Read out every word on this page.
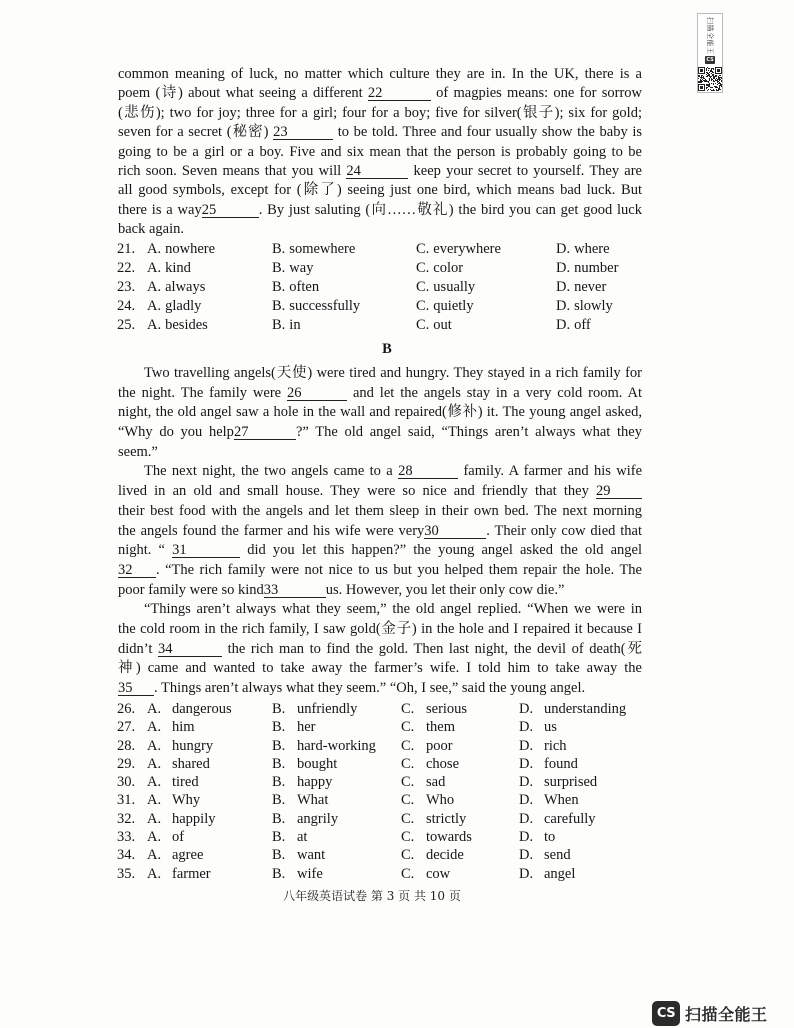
common meaning of luck, no matter which culture they are in. In the UK, there is a
poem (诗) about what seeing a different 22	of magpies means: one for sorrow
(悲伤); two for joy; three for a girl; four for a boy; five for silver(银子); six for gold;
seven for a secret (秘密) 23	to be told. Three and four usually show the baby is
going to be a girl or a boy. Five and six mean that the person is probably going to be
rich soon. Seven means that you will 24	keep your secret to yourself. They are
all good symbols, except for (除了) seeing just one bird, which means bad luck. But
there is a way25	. By just saluting (向……敬礼) the bird you can get good luck
back again.
21. A. nowhere	B. somewhere	C. everywhere	D. where
22. A. kind	B. way	C. color	D. number
23. A. always	B. often	C. usually	D. never
24. A. gladly	B. successfully	C. quietly	D. slowly
25. A. besides	B. in	C. out	D. off
B
Two travelling angels(天使) were tired and hungry. They stayed in a rich family for
the night. The family were 26	and let the angels stay in a very cold room. At
night, the old angel saw a hole in the wall and repaired(修补) it. The young angel asked,
“Why do you help27	?” The old angel said, “Things aren’t always what they
seem.”
The next night, the two angels came to a 28	family. A farmer and his wife
lived in an old and small house. They were so nice and friendly that they 29
their best food with the angels and let them sleep in their own bed. The next morning
the angels found the farmer and his wife were very30	. Their only cow died that
night. “ 31	did you let this happen?” the young angel asked the old angel
32 . “The rich family were not nice to us but you helped them repair the hole. The
poor family were so kind33	us. However, you let their only cow die.”
“Things aren’t always what they seem,” the old angel replied. “When we were in
the cold room in the rich family, I saw gold(金子) in the hole and I repaired it because I
didn’t 34	the rich man to find the gold. Then last night, the devil of death(死
神) came and wanted to take away the farmer’s wife. I told him to take away the
35 . Things aren’t always what they seem.” “Oh, I see,” said the young angel.
26. A. dangerous	B. unfriendly	C. serious	D. understanding
27. A. him	B. her	C. them	D. us
28. A. hungry	B. hard-working C. poor	D. rich
29. A. shared	B. bought	C. chose	D. found
30. A. tired	B. happy	C. sad	D. surprised
31. A. Why	B. What	C. Who	D. When
32. A. happily	B. angrily	C. strictly	D. carefully
33. A. of	B. at	C. towards	D. to
34. A. agree	B. want	C. decide	D. send
35. A. farmer	B. wife	C. cow	D. angel
八年级英语试卷 第 3 页 共 10 页
扫描全能王
CS
CS 扫描全能王
